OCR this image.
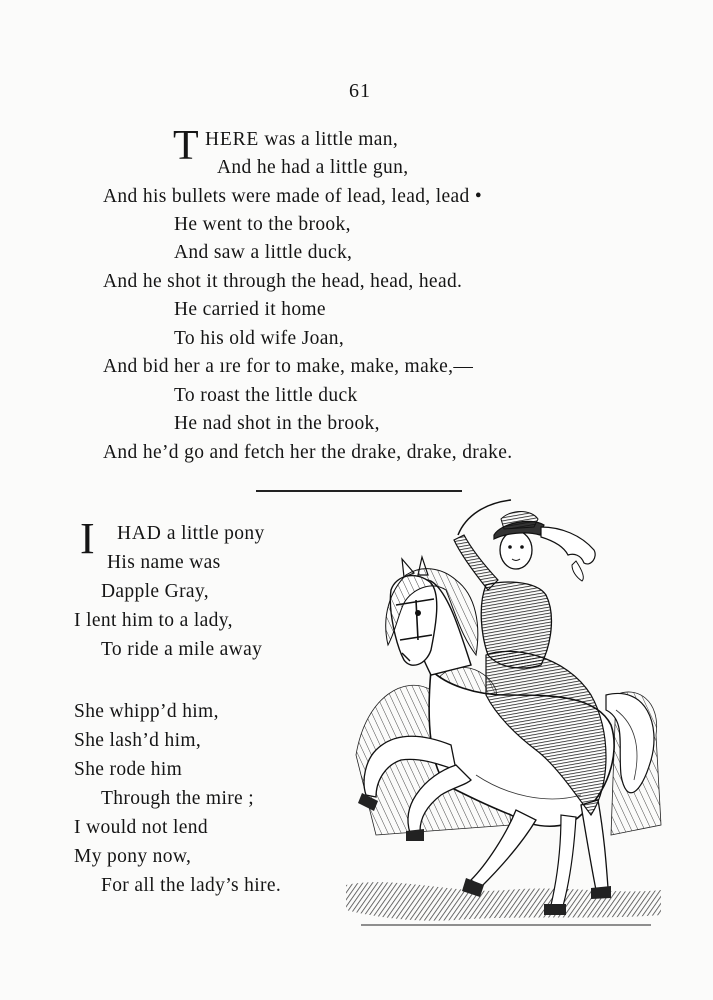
61
T HERE was a little man,
And he had a little gun,
And his bullets were made of lead, lead, lead •
He went to the brook,
And saw a little duck,
And he shot it through the head, head, head.
He carried it home
To his old wife Joan,
And bid her a ıre for to make, make, make,—
To roast the little duck
He nad shot in the brook,
And he’d go and fetch her the drake, drake, drake.
I HAD a little pony
His name was
Dapple Gray,
I lent him to a lady,
To ride a mile away
She whipp’d him,
She lash’d him,
She rode him
Through the mire ;
I would not lend
My pony now,
For all the lady’s hire.
